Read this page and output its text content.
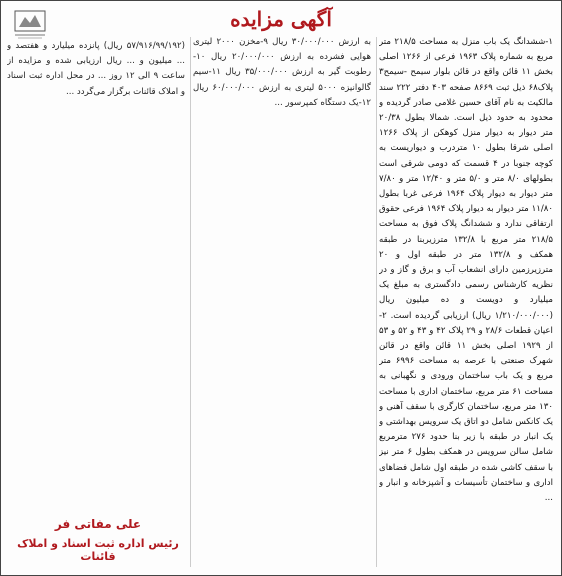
آگهی مزایده

۱-ششدانگ یک باب منزل به مساحت ۲۱۸/۵ متر مربع به شماره پلاک ۱۹۶۳ فرعی از ۱۲۶۶ اصلی بخش ۱۱ قائن واقع در قائن بلوار سیمح -سیمح۳ پلاک۶۸ ذیل ثبت ۸۶۶۹ صفحه ۴۰۳ دفتر ۲۲۲ سند مالکیت به نام آقای حسین غلامی صادر گردیده و محدود به حدود ذیل است. شمالا بطول ۲۰/۳۸ متر دیوار به دیوار منزل کوهکن از پلاک ۱۲۶۶ اصلی شرقا بطول ۱۰ متردرب و دیواریست به کوچه جنوبا در ۴ قسمت که دومی شرقی است بطولهای ۸/۰ متر و ۵/۰ متر و ۱۲/۴۰ متر و ۷/۸۰ متر دیوار به دیوار پلاک ۱۹۶۴ فرعی غربا بطول ۱۱/۸۰ متر دیوار به دیوار پلاک ۱۹۶۴ فرعی حقوق ارتفاقی ندارد و ششدانگ پلاک فوق به مساحت ۲۱۸/۵ متر مربع با ۱۳۲/۸ مترزیربنا در طبقه همکف و ۱۳۲/۸ متر در طبقه اول و ۲۰ مترزیرزمین دارای انشعاب آب و برق و گاز و در نظریه کارشناس رسمی دادگستری به مبلغ یک میلیارد و دویست و ده میلیون ریال (۱/۲۱۰/۰۰۰/۰۰۰ ریال) ارزیابی گردیده است. ۲-اعیان قطعات ۲۸/۶ و ۲۹ پلاک ۴۲ و ۴۳ و ۵۲ و ۵۳ از ۱۹۲۹ اصلی بخش ۱۱ قائن واقع در قائن شهرک صنعتی با عرصه به مساحت ۶۹۹۶ متر مربع و یک باب ساختمان ورودی و نگهبانی به مساحت ۶۱ متر مربع، ساختمان اداری با مساحت ۱۳۰ متر مربع، ساختمان کارگری با سقف آهنی و یک کانکس شامل دو اتاق یک سرویس بهداشتی و یک انبار در طبقه با زیر بنا حدود ۲۷۶ مترمربع شامل سالن سرویس در همکف بطول ۶ متر نیز با سقف کاشی شده در طبقه اول شامل فضاهای اداری و ساختمان تأسیسات و آشپزخانه و انبار و ...

به ارزش ۳۰/۰۰۰/۰۰۰ ریال ۹-مخزن ۲۰۰۰ لیتری هوایی فشرده به ارزش ۲۰/۰۰۰/۰۰۰ ریال ۱۰-رطوبت گیر به ارزش ۳۵/۰۰۰/۰۰۰ ریال ۱۱-سیم گالوانیزه ۵۰۰۰ لیتری به ارزش ۶۰/۰۰۰/۰۰۰ ریال ۱۲-یک دستگاه کمپرسور ...

(۵۷/۹۱۶/۹۹/۱۹۲ ریال) پانزده میلیارد و هفتصد و ... میلیون و ... ریال ارزیابی شده و مزایده از ساعت ۹ الی ۱۲ روز ... در محل اداره ثبت اسناد و املاک قائنات برگزار می‌گردد ...

علی مفاتی فر
رئیس اداره ثبت اسناد و املاک قائنات
